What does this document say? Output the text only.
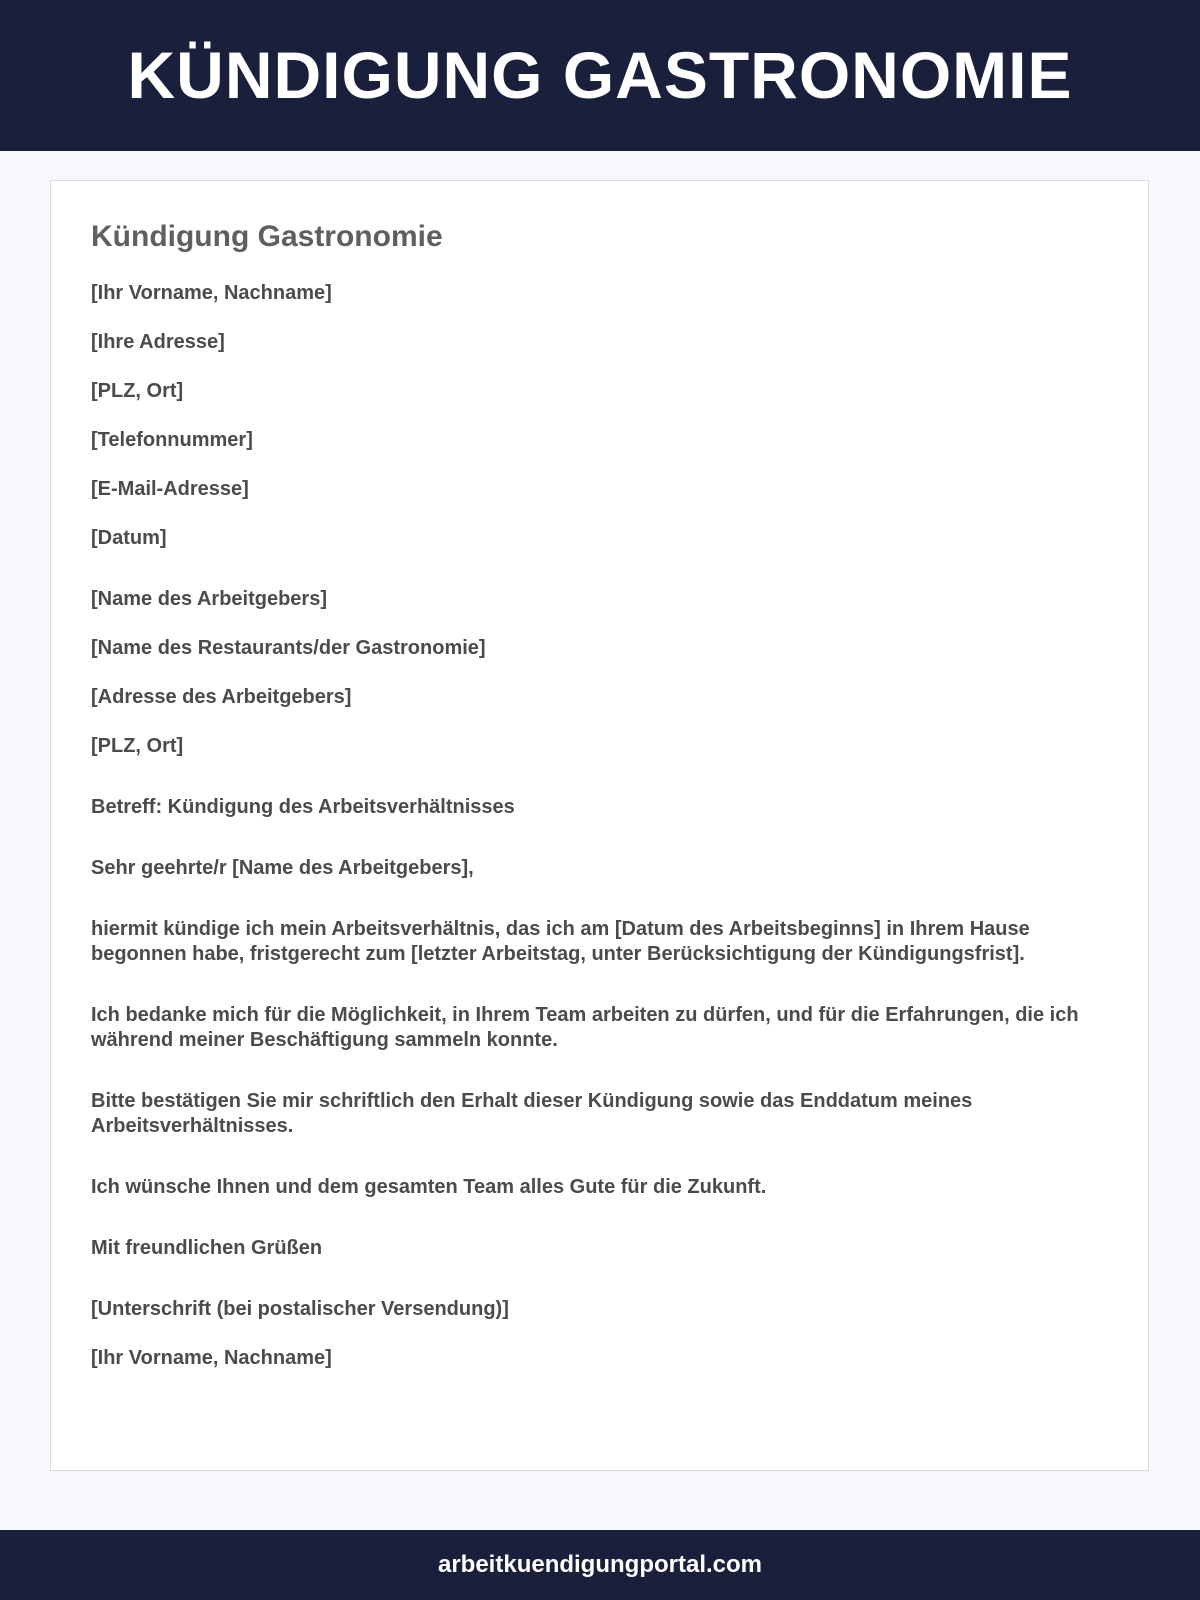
KÜNDIGUNG GASTRONOMIE
Kündigung Gastronomie

[Ihr Vorname, Nachname]

[Ihre Adresse]

[PLZ, Ort]

[Telefonnummer]

[E-Mail-Adresse]

[Datum]

[Name des Arbeitgebers]

[Name des Restaurants/der Gastronomie]

[Adresse des Arbeitgebers]

[PLZ, Ort]

Betreff: Kündigung des Arbeitsverhältnisses

Sehr geehrte/r [Name des Arbeitgebers],

hiermit kündige ich mein Arbeitsverhältnis, das ich am [Datum des Arbeitsbeginns] in Ihrem Hause begonnen habe, fristgerecht zum [letzter Arbeitstag, unter Berücksichtigung der Kündigungsfrist].

Ich bedanke mich für die Möglichkeit, in Ihrem Team arbeiten zu dürfen, und für die Erfahrungen, die ich während meiner Beschäftigung sammeln konnte.

Bitte bestätigen Sie mir schriftlich den Erhalt dieser Kündigung sowie das Enddatum meines Arbeitsverhältnisses.

Ich wünsche Ihnen und dem gesamten Team alles Gute für die Zukunft.

Mit freundlichen Grüßen

[Unterschrift (bei postalischer Versendung)]

[Ihr Vorname, Nachname]

arbeitkuendigungportal.com
